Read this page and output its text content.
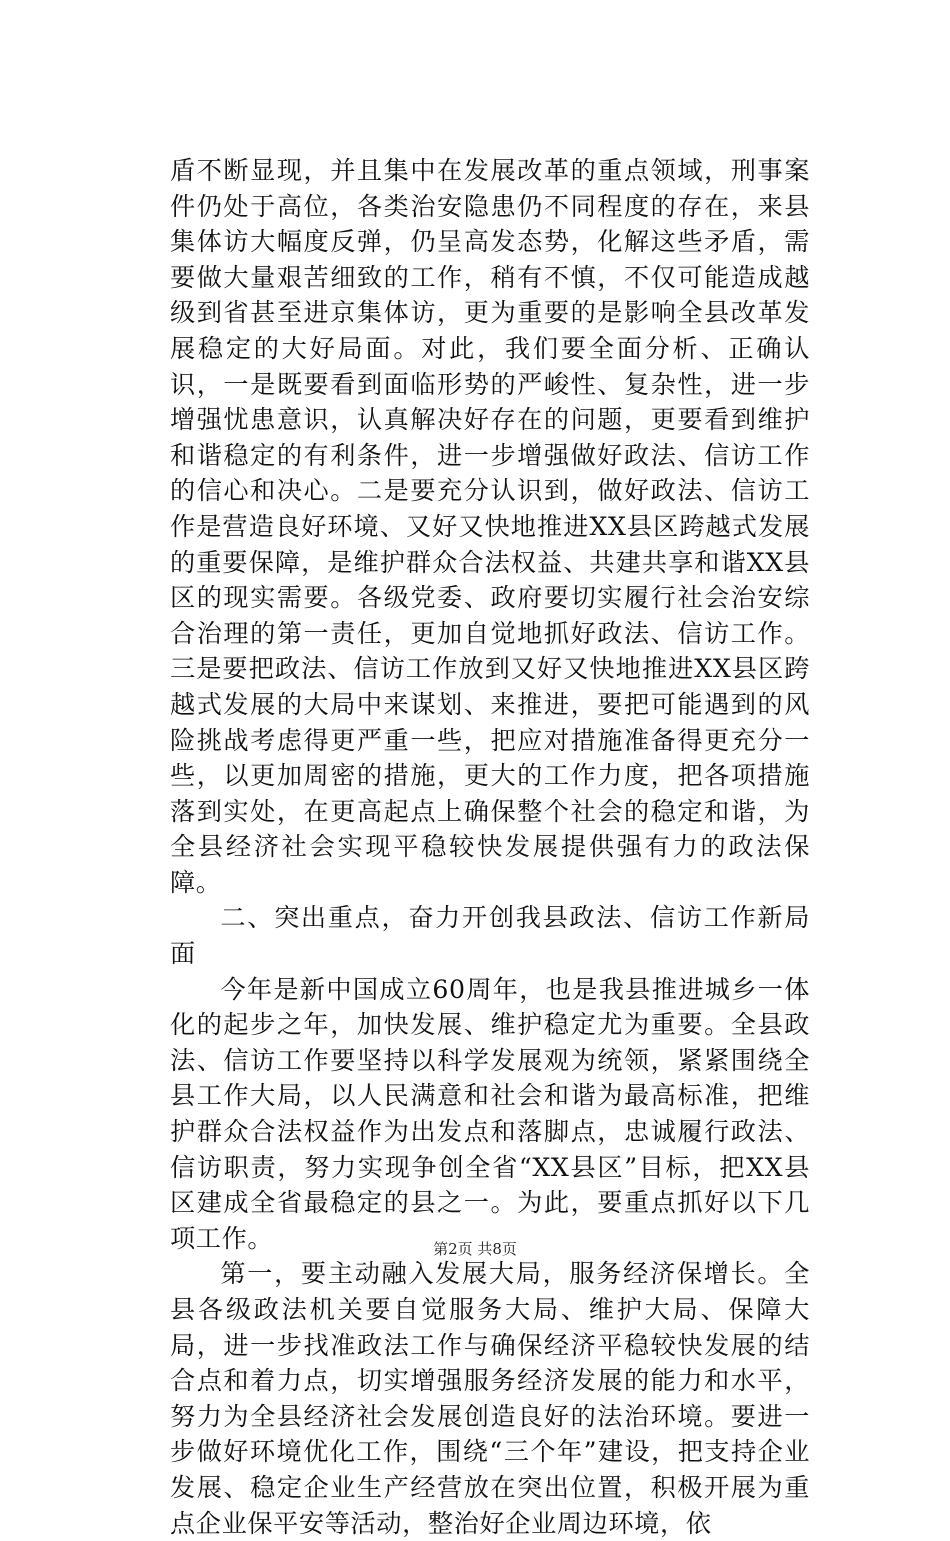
盾不断显现，并且集中在发展改革的重点领域，刑事案件仍处于高位，各类治安隐患仍不同程度的存在，来县集体访大幅度反弹，仍呈高发态势，化解这些矛盾，需要做大量艰苦细致的工作，稍有不慎，不仅可能造成越级到省甚至进京集体访，更为重要的是影响全县改革发展稳定的大好局面。对此，我们要全面分析、正确认识，一是既要看到面临形势的严峻性、复杂性，进一步增强忧患意识，认真解决好存在的问题，更要看到维护和谐稳定的有利条件，进一步增强做好政法、信访工作的信心和决心。二是要充分认识到，做好政法、信访工作是营造良好环境、又好又快地推进XX县区跨越式发展的重要保障，是维护群众合法权益、共建共享和谐XX县区的现实需要。各级党委、政府要切实履行社会治安综合治理的第一责任，更加自觉地抓好政法、信访工作。三是要把政法、信访工作放到又好又快地推进XX县区跨越式发展的大局中来谋划、来推进，要把可能遇到的风险挑战考虑得更严重一些，把应对措施准备得更充分一些，以更加周密的措施，更大的工作力度，把各项措施落到实处，在更高起点上确保整个社会的稳定和谐，为全县经济社会实现平稳较快发展提供强有力的政法保障。

二、突出重点，奋力开创我县政法、信访工作新局面

今年是新中国成立60周年，也是我县推进城乡一体化的起步之年，加快发展、维护稳定尤为重要。全县政法、信访工作要坚持以科学发展观为统领，紧紧围绕全县工作大局，以人民满意和社会和谐为最高标准，把维护群众合法权益作为出发点和落脚点，忠诚履行政法、信访职责，努力实现争创全省“XX县区”目标，把XX县区建成全省最稳定的县之一。为此，要重点抓好以下几项工作。

第一，要主动融入发展大局，服务经济保增长。全县各级政法机关要自觉服务大局、维护大局、保障大局，进一步找准政法工作与确保经济平稳较快发展的结合点和着力点，切实增强服务经济发展的能力和水平，努力为全县经济社会发展创造良好的法治环境。要进一步做好环境优化工作，围绕“三个年”建设，把支持企业发展、稳定企业生产经营放在突出位置，积极开展为重点企业保平安等活动，整治好企业周边环境，依

第2页 共8页
